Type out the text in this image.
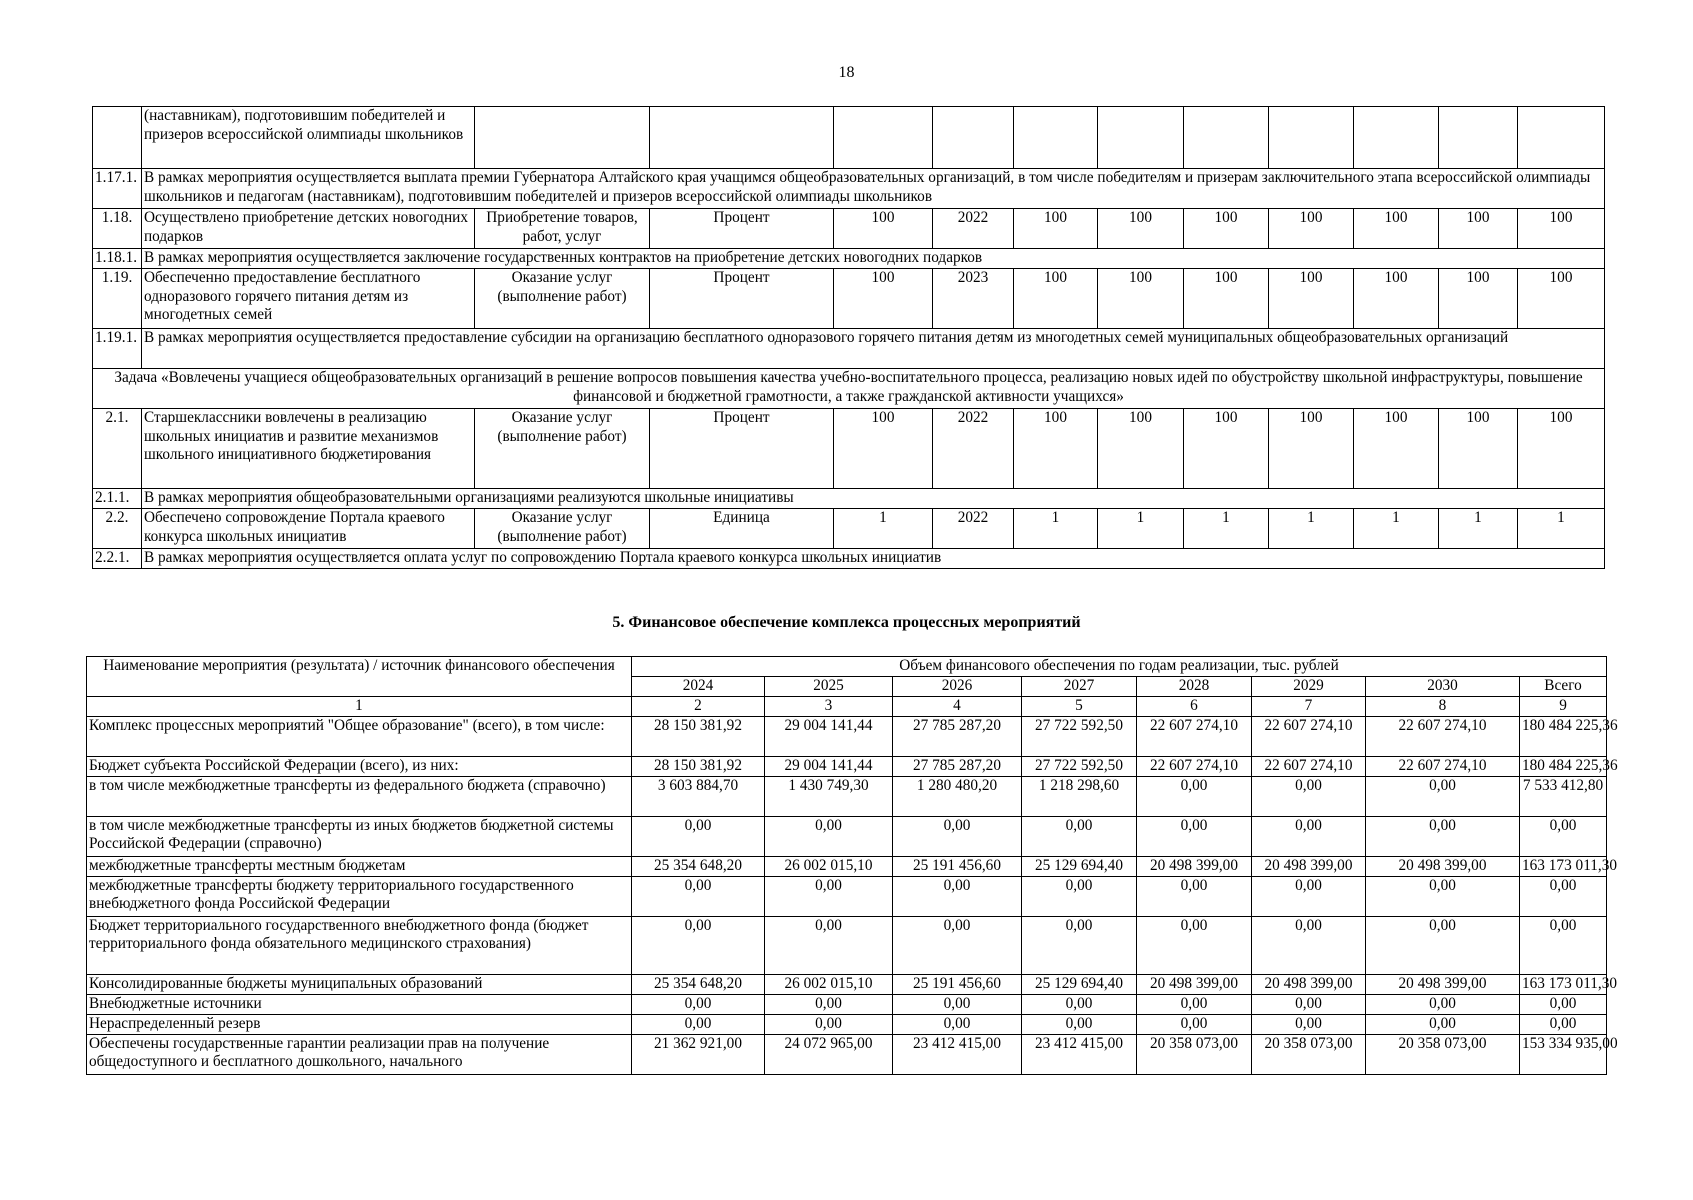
18
	(наставникам), подготовившим победителей и призеров всероссийской олимпиады школьников											
1.17.1.	В рамках мероприятия осуществляется выплата премии Губернатора Алтайского края учащимся общеобразовательных организаций, в том числе победителям и призерам заключительного этапа всероссийской олимпиады школьников и педагогам (наставникам), подготовившим победителей и призеров всероссийской олимпиады школьников											
1.18.	Осуществлено приобретение детских новогодних подарков	Приобретение товаров, работ, услуг	Процент	100	2022	100	100	100	100	100	100	100
1.18.1.	В рамках мероприятия осуществляется заключение государственных контрактов на приобретение детских новогодних подарков											
1.19.	Обеспеченно предоставление бесплатного одноразового горячего питания детям из многодетных семей	Оказание услуг (выполнение работ)	Процент	100	2023	100	100	100	100	100	100	100
1.19.1.	В рамках мероприятия осуществляется предоставление субсидии на организацию бесплатного одноразового горячего питания детям из многодетных семей муниципальных общеобразовательных организаций											
Задача «Вовлечены учащиеся общеобразовательных организаций в решение вопросов повышения качества учебно-воспитательного процесса, реализацию новых идей по обустройству школьной инфраструктуры, повышение финансовой и бюджетной грамотности, а также гражданской активности учащихся»												
2.1.	Старшеклассники вовлечены в реализацию школьных инициатив и развитие механизмов школьного инициативного бюджетирования	Оказание услуг (выполнение работ)	Процент	100	2022	100	100	100	100	100	100	100
2.1.1.	В рамках мероприятия общеобразовательными организациями реализуются школьные инициативы											
2.2.	Обеспечено сопровождение Портала краевого конкурса школьных инициатив	Оказание услуг (выполнение работ)	Единица	1	2022	1	1	1	1	1	1	1
2.2.1.	В рамках мероприятия осуществляется оплата услуг по сопровождению Портала краевого конкурса школьных инициатив											
5. Финансовое обеспечение комплекса процессных мероприятий
Наименование мероприятия (результата) / источник финансового обеспечения	Объем финансового обеспечения по годам реализации, тыс. рублей							
	2024	2025	2026	2027	2028	2029	2030	Всего
1	2	3	4	5	6	7	8	9
Комплекс процессных мероприятий "Общее образование" (всего), в том числе:	28 150 381,92	29 004 141,44	27 785 287,20	27 722 592,50	22 607 274,10	22 607 274,10	22 607 274,10	180 484 225,36
Бюджет субъекта Российской Федерации (всего), из них:	28 150 381,92	29 004 141,44	27 785 287,20	27 722 592,50	22 607 274,10	22 607 274,10	22 607 274,10	180 484 225,36
в том числе межбюджетные трансферты из федерального бюджета (справочно)	3 603 884,70	1 430 749,30	1 280 480,20	1 218 298,60	0,00	0,00	0,00	7 533 412,80
в том числе межбюджетные трансферты из иных бюджетов бюджетной системы Российской Федерации (справочно)	0,00	0,00	0,00	0,00	0,00	0,00	0,00	0,00
межбюджетные трансферты местным бюджетам	25 354 648,20	26 002 015,10	25 191 456,60	25 129 694,40	20 498 399,00	20 498 399,00	20 498 399,00	163 173 011,30
межбюджетные трансферты бюджету территориального государственного внебюджетного фонда Российской Федерации	0,00	0,00	0,00	0,00	0,00	0,00	0,00	0,00
Бюджет территориального государственного внебюджетного фонда (бюджет территориального фонда обязательного медицинского страхования)	0,00	0,00	0,00	0,00	0,00	0,00	0,00	0,00
Консолидированные бюджеты муниципальных образований	25 354 648,20	26 002 015,10	25 191 456,60	25 129 694,40	20 498 399,00	20 498 399,00	20 498 399,00	163 173 011,30
Внебюджетные источники	0,00	0,00	0,00	0,00	0,00	0,00	0,00	0,00
Нераспределенный резерв	0,00	0,00	0,00	0,00	0,00	0,00	0,00	0,00
Обеспечены государственные гарантии реализации прав на получение общедоступного и бесплатного дошкольного, начального	21 362 921,00	24 072 965,00	23 412 415,00	23 412 415,00	20 358 073,00	20 358 073,00	20 358 073,00	153 334 935,00
